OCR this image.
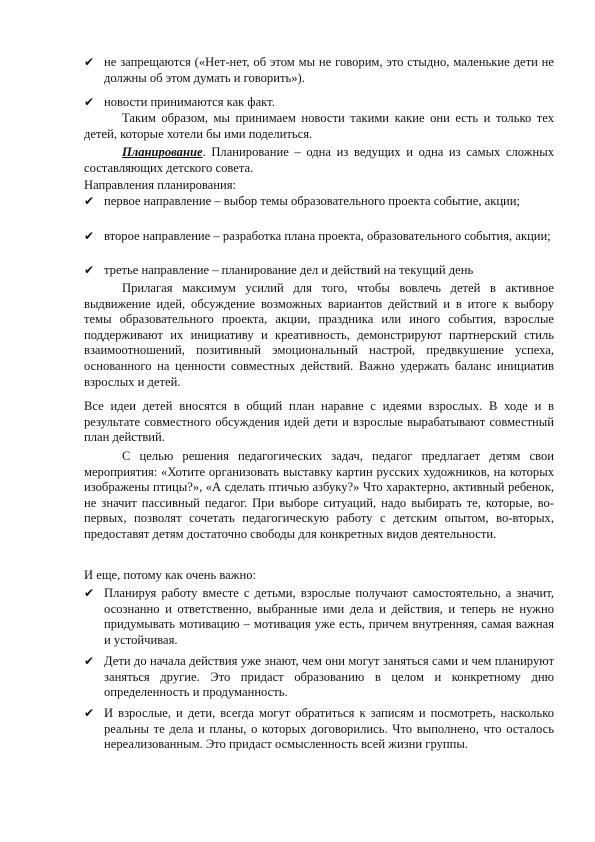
✔ не запрещаются («Нет-нет, об этом мы не говорим, это стыдно, маленькие дети не должны об этом думать и говорить»).
✔ новости принимаются как факт.
Таким образом, мы принимаем новости такими какие они есть и только тех детей, которые хотели бы ими поделиться.
Планирование. Планирование – одна из ведущих и одна из самых сложных составляющих детского совета.
Направления планирования:
✔ первое направление – выбор темы образовательного проекта событие, акции;
✔ второе направление – разработка плана проекта, образовательного события, акции;
✔ третье направление – планирование дел и действий на текущий день
Прилагая максимум усилий для того, чтобы вовлечь детей в активное выдвижение идей, обсуждение возможных вариантов действий и в итоге к выбору темы образовательного проекта, акции, праздника или иного события, взрослые поддерживают их инициативу и креативность, демонстрируют партнерский стиль взаимоотношений, позитивный эмоциональный настрой, предвкушение успеха, основанного на ценности совместных действий. Важно удержать баланс инициатив взрослых и детей.
Все идеи детей вносятся в общий план наравне с идеями взрослых. В ходе и в результате совместного обсуждения идей дети и взрослые вырабатывают совместный план действий.
С целью решения педагогических задач, педагог предлагает детям свои мероприятия: «Хотите организовать выставку картин русских художников, на которых изображены птицы?», «А сделать птичью азбуку?» Что характерно, активный ребенок, не значит пассивный педагог. При выборе ситуаций, надо выбирать те, которые, во-первых, позволят сочетать педагогическую работу с детским опытом, во-вторых, предоставят детям достаточно свободы для конкретных видов деятельности.
И еще, потому как очень важно:
✔ Планируя работу вместе с детьми, взрослые получают самостоятельно, а значит, осознанно и ответственно, выбранные ими дела и действия, и теперь не нужно придумывать мотивацию – мотивация уже есть, причем внутренняя, самая важная и устойчивая.
✔ Дети до начала действия уже знают, чем они могут заняться сами и чем планируют заняться другие. Это придаст образованию в целом и конкретному дню определенность и продуманность.
✔ И взрослые, и дети, всегда могут обратиться к записям и посмотреть, насколько реальны те дела и планы, о которых договорились. Что выполнено, что осталось нереализованным. Это придаст осмысленность всей жизни группы.
